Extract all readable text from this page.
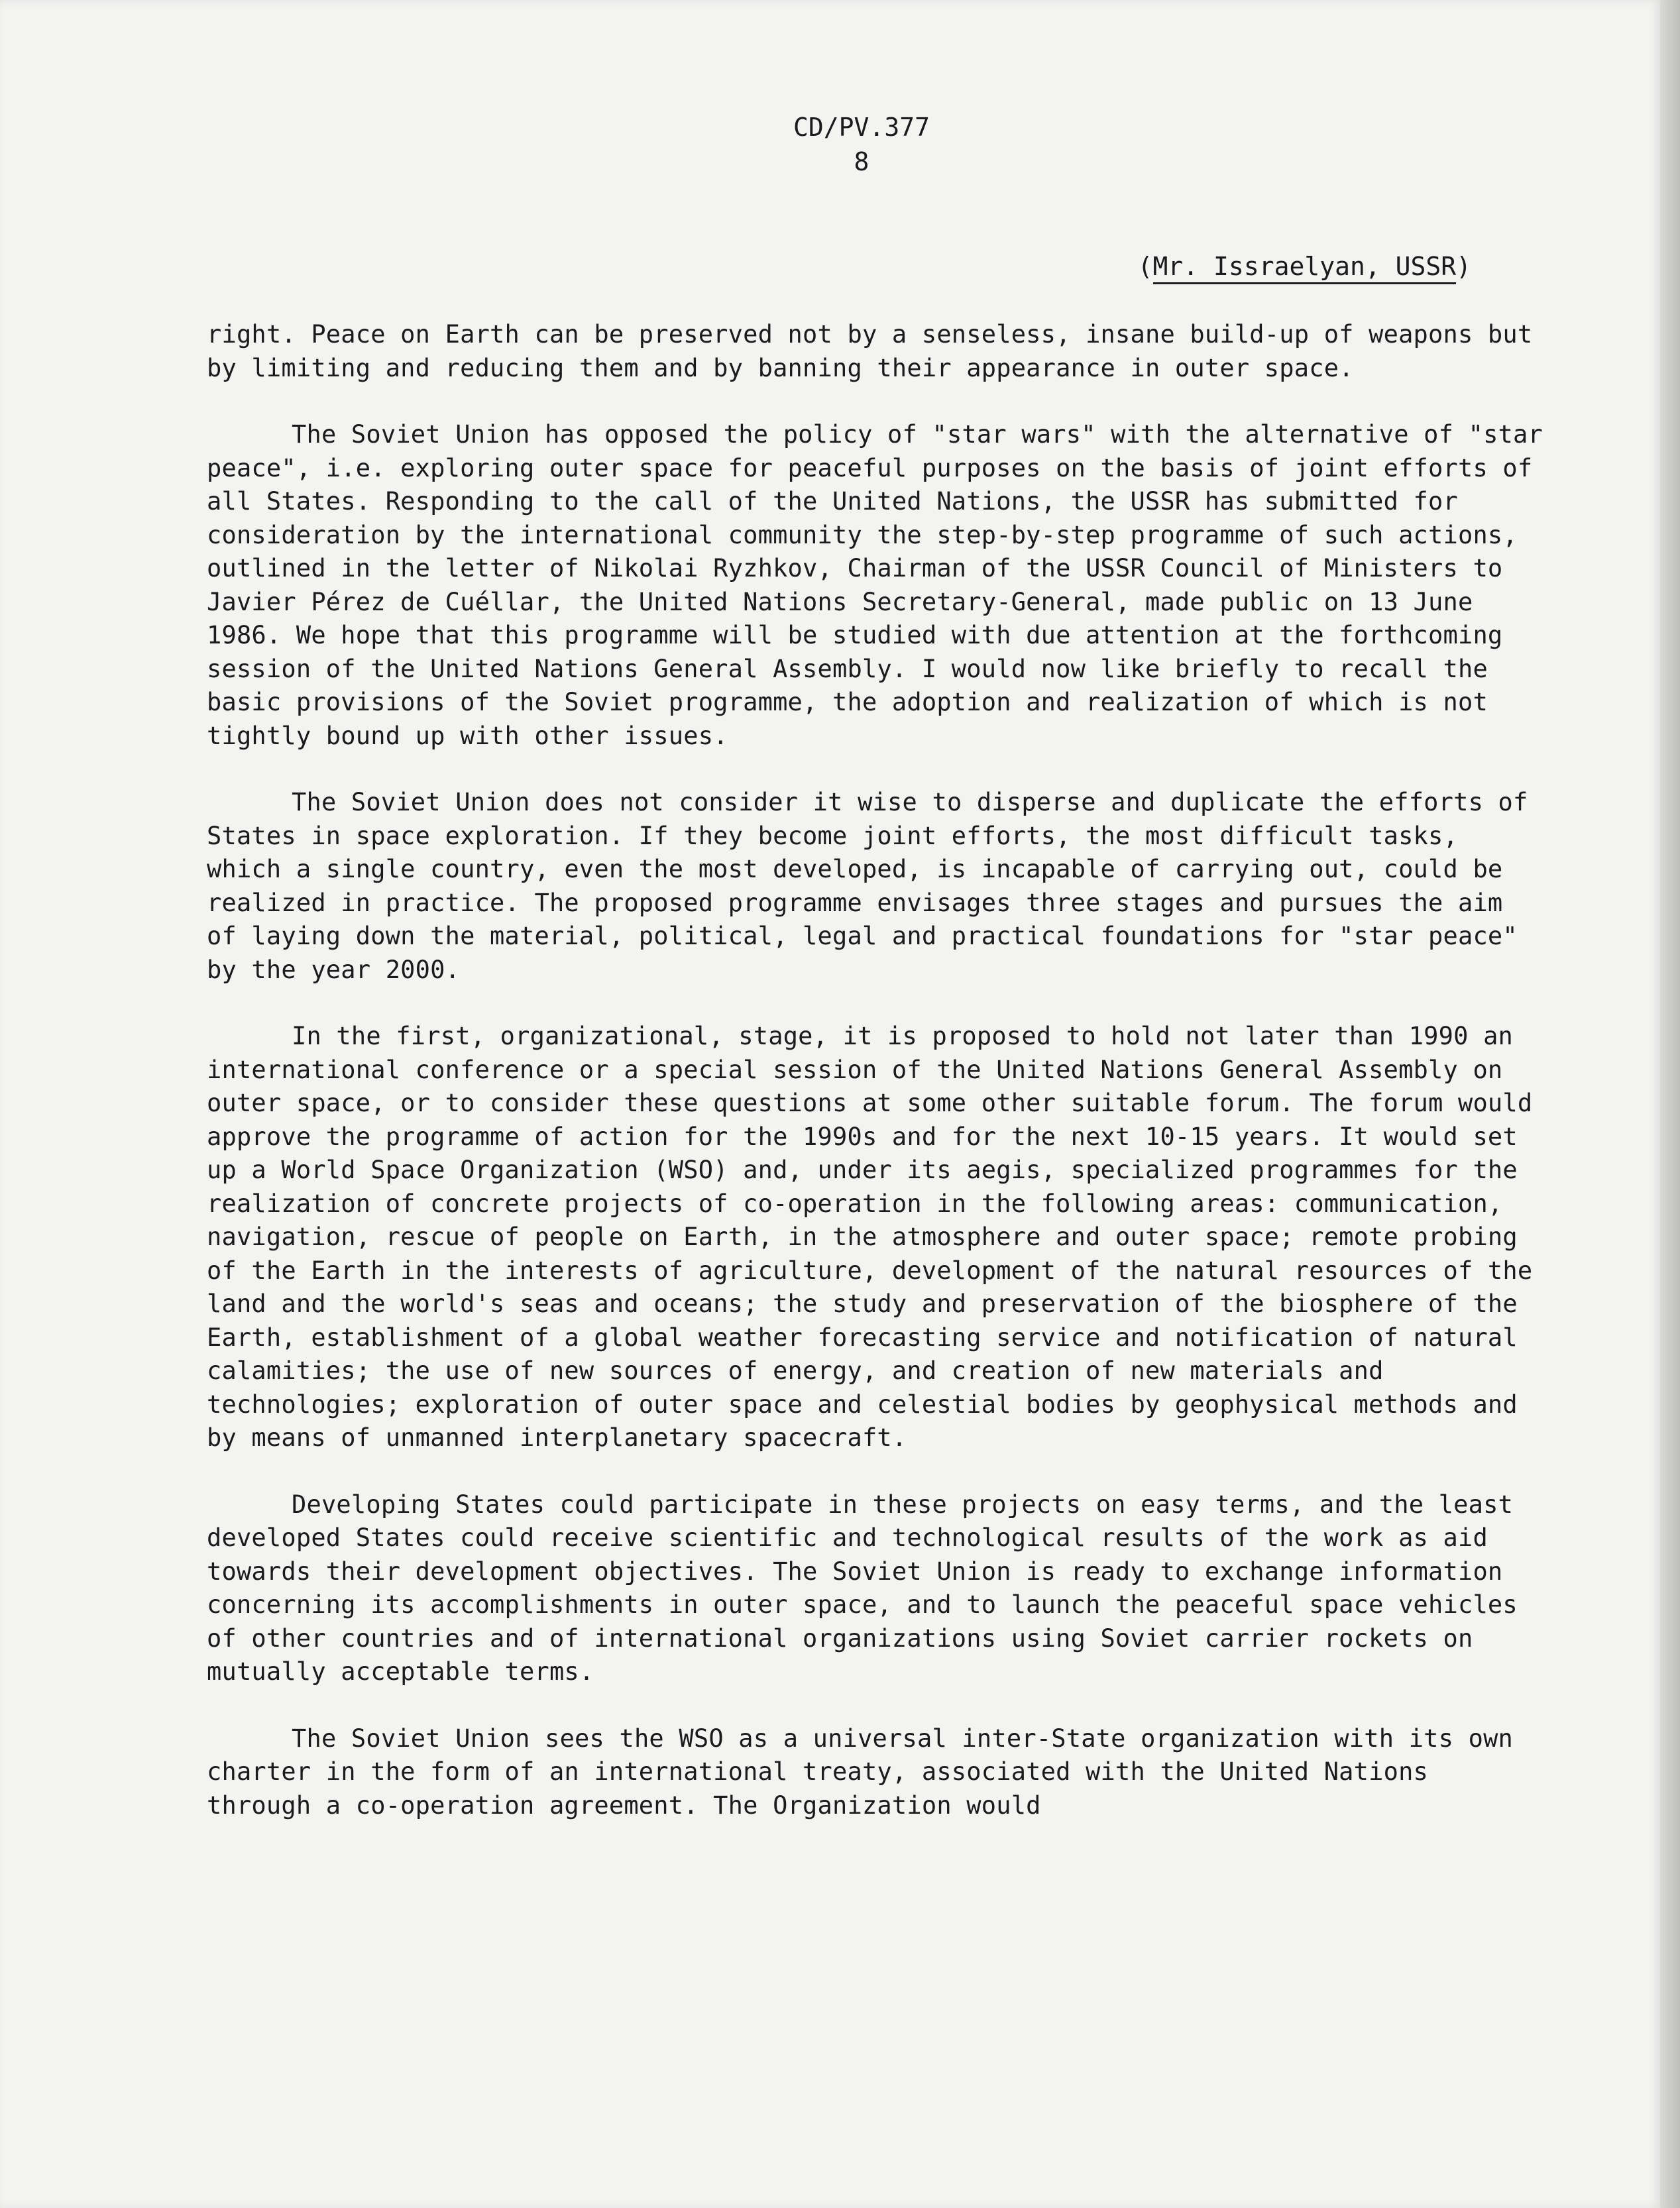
CD/PV.377
8
(Mr. Issraelyan, USSR)

right. Peace on Earth can be preserved not by a senseless, insane build-up of weapons but by limiting and reducing them and by banning their appearance in outer space.

The Soviet Union has opposed the policy of "star wars" with the alternative of "star peace", i.e. exploring outer space for peaceful purposes on the basis of joint efforts of all States. Responding to the call of the United Nations, the USSR has submitted for consideration by the international community the step-by-step programme of such actions, outlined in the letter of Nikolai Ryzhkov, Chairman of the USSR Council of Ministers to Javier Pérez de Cuéllar, the United Nations Secretary-General, made public on 13 June 1986. We hope that this programme will be studied with due attention at the forthcoming session of the United Nations General Assembly. I would now like briefly to recall the basic provisions of the Soviet programme, the adoption and realization of which is not tightly bound up with other issues.

The Soviet Union does not consider it wise to disperse and duplicate the efforts of States in space exploration. If they become joint efforts, the most difficult tasks, which a single country, even the most developed, is incapable of carrying out, could be realized in practice. The proposed programme envisages three stages and pursues the aim of laying down the material, political, legal and practical foundations for "star peace" by the year 2000.

In the first, organizational, stage, it is proposed to hold not later than 1990 an international conference or a special session of the United Nations General Assembly on outer space, or to consider these questions at some other suitable forum. The forum would approve the programme of action for the 1990s and for the next 10-15 years. It would set up a World Space Organization (WSO) and, under its aegis, specialized programmes for the realization of concrete projects of co-operation in the following areas: communication, navigation, rescue of people on Earth, in the atmosphere and outer space; remote probing of the Earth in the interests of agriculture, development of the natural resources of the land and the world's seas and oceans; the study and preservation of the biosphere of the Earth, establishment of a global weather forecasting service and notification of natural calamities; the use of new sources of energy, and creation of new materials and technologies; exploration of outer space and celestial bodies by geophysical methods and by means of unmanned interplanetary spacecraft.

Developing States could participate in these projects on easy terms, and the least developed States could receive scientific and technological results of the work as aid towards their development objectives. The Soviet Union is ready to exchange information concerning its accomplishments in outer space, and to launch the peaceful space vehicles of other countries and of international organizations using Soviet carrier rockets on mutually acceptable terms.

The Soviet Union sees the WSO as a universal inter-State organization with its own charter in the form of an international treaty, associated with the United Nations through a co-operation agreement. The Organization would
